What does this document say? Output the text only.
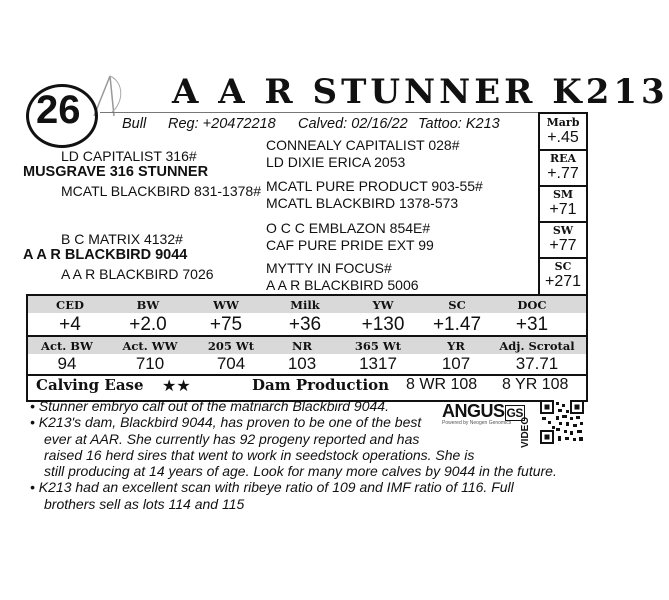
26	A A R STUNNER K213
Bull Reg: +20472218 Calved: 02/16/22 Tattoo: K213
LD CAPITALIST 316#
MUSGRAVE 316 STUNNER
MCATL BLACKBIRD 831-1378#
CONNEALY CAPITALIST 028#
LD DIXIE ERICA 2053
MCATL PURE PRODUCT 903-55#
MCATL BLACKBIRD 1378-573
B C MATRIX 4132#
A A R BLACKBIRD 9044
A A R BLACKBIRD 7026
O C C EMBLAZON 854E#
CAF PURE PRIDE EXT 99
MYTTY IN FOCUS#
A A R BLACKBIRD 5006
Marb
+.45
REA
+.77
SM
+71
SW
+77
SC
+271
CED
+4
BW
+2.0
WW
+75
Milk
+36
YW
+130
SC
+1.47
DOC
+31
Act. BW
94
Act. WW
710
205 Wt
704
NR
103
365 Wt
1317
YR
107
Adj. Scrotal
37.71
Calving Ease ★★	Dam Production 8 WR 108 8 YR 108
• Stunner embryo calf out of the matriarch Blackbird 9044.
• K213's dam, Blackbird 9044, has proven to be one of the best
ever at AAR. She currently has 92 progeny reported and has
raised 16 herd sires that went to work in seedstock operations. She is
still producing at 14 years of age. Look for many more calves by 9044 in the future.
• K213 had an excellent scan with ribeye ratio of 109 and IMF ratio of 116. Full
brothers sell as lots 114 and 115
ANGUS GS
Powered by Neogen Genomics VIDEO
